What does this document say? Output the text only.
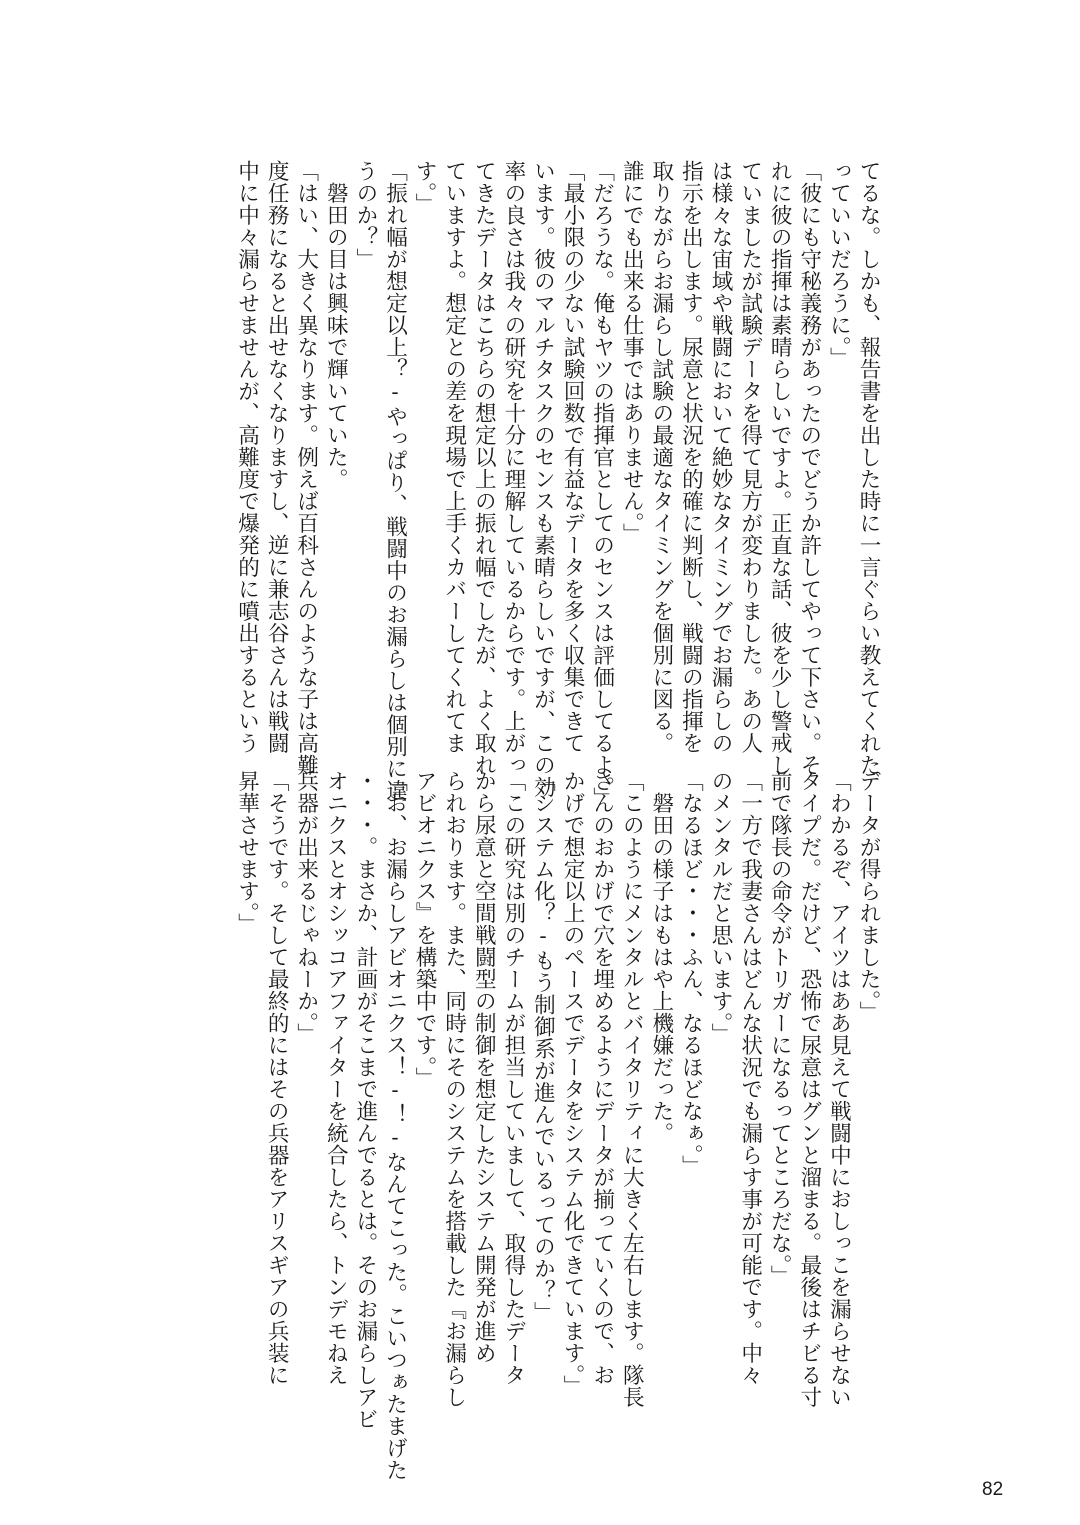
てるな。しかも、報告書を出した時に一言ぐらい教えてくれた
っていいだろうに。」
「彼にも守秘義務があったのでどうか許してやって下さい。そ
れに彼の指揮は素晴らしいですよ。正直な話、彼を少し警戒し
ていましたが試験データを得て見方が変わりました。あの人
は様々な宙域や戦闘において絶妙なタイミングでお漏らしの
指示を出します。尿意と状況を的確に判断し、戦闘の指揮を
取りながらお漏らし試験の最適なタイミングを個別に図る。
誰にでも出来る仕事ではありません。」
「だろうな。俺もヤツの指揮官としてのセンスは評価してるよ。」
「最小限の少ない試験回数で有益なデータを多く収集できて
います。彼のマルチタスクのセンスも素晴らしいですが、この効
率の良さは我々の研究を十分に理解しているからです。上がっ
てきたデータはこちらの想定以上の振れ幅でしたが、よく取れ
ていますよ。想定との差を現場で上手くカバーしてくれてま
す。」
「振れ幅が想定以上？‐やっぱり、戦闘中のお漏らしは個別に違
うのか？」
　磐田の目は興味で輝いていた。
「はい、大きく異なります。例えば百科さんのような子は高難
度任務になると出せなくなりますし、逆に兼志谷さんは戦闘
中に中々漏らせませんが、高難度で爆発的に噴出するという
データが得られました。」
「わかるぞ、アイツはああ見えて戦闘中におしっこを漏らせない
タイプだ。だけど、恐怖で尿意はグンと溜まる。最後はチビる寸
前で隊長の命令がトリガーになるってところだな。」
「一方で我妻さんはどんな状況でも漏らす事が可能です。中々
のメンタルだと思います。」
「なるほど・・・ふん、なるほどなぁ。」
　磐田の様子はもはや上機嫌だった。
「このようにメンタルとバイタリティに大きく左右します。隊長
さんのおかげで穴を埋めるようにデータが揃っていくので、お
かげで想定以上のペースでデータをシステム化できています。」
「システム化？‐もう制御系が進んでいるってのか？」
「この研究は別のチームが担当していまして、取得したデータ
から尿意と空間戦闘型の制御を想定したシステム開発が進め
られおります。また、同時にそのシステムを搭載した『お漏らし
アビオニクス』を構築中です。」
「お、お漏らしアビオニクス！‐！‐なんてこった。こいつぁたまげた
・・・。まさか、計画がそこまで進んでるとは。そのお漏らしアビ
オニクスとオシッコアファイターを統合したら、トンデモねえ
兵器が出来るじゃねーか。」
「そうです。そして最終的にはその兵器をアリスギアの兵装に
昇華させます。」
82
